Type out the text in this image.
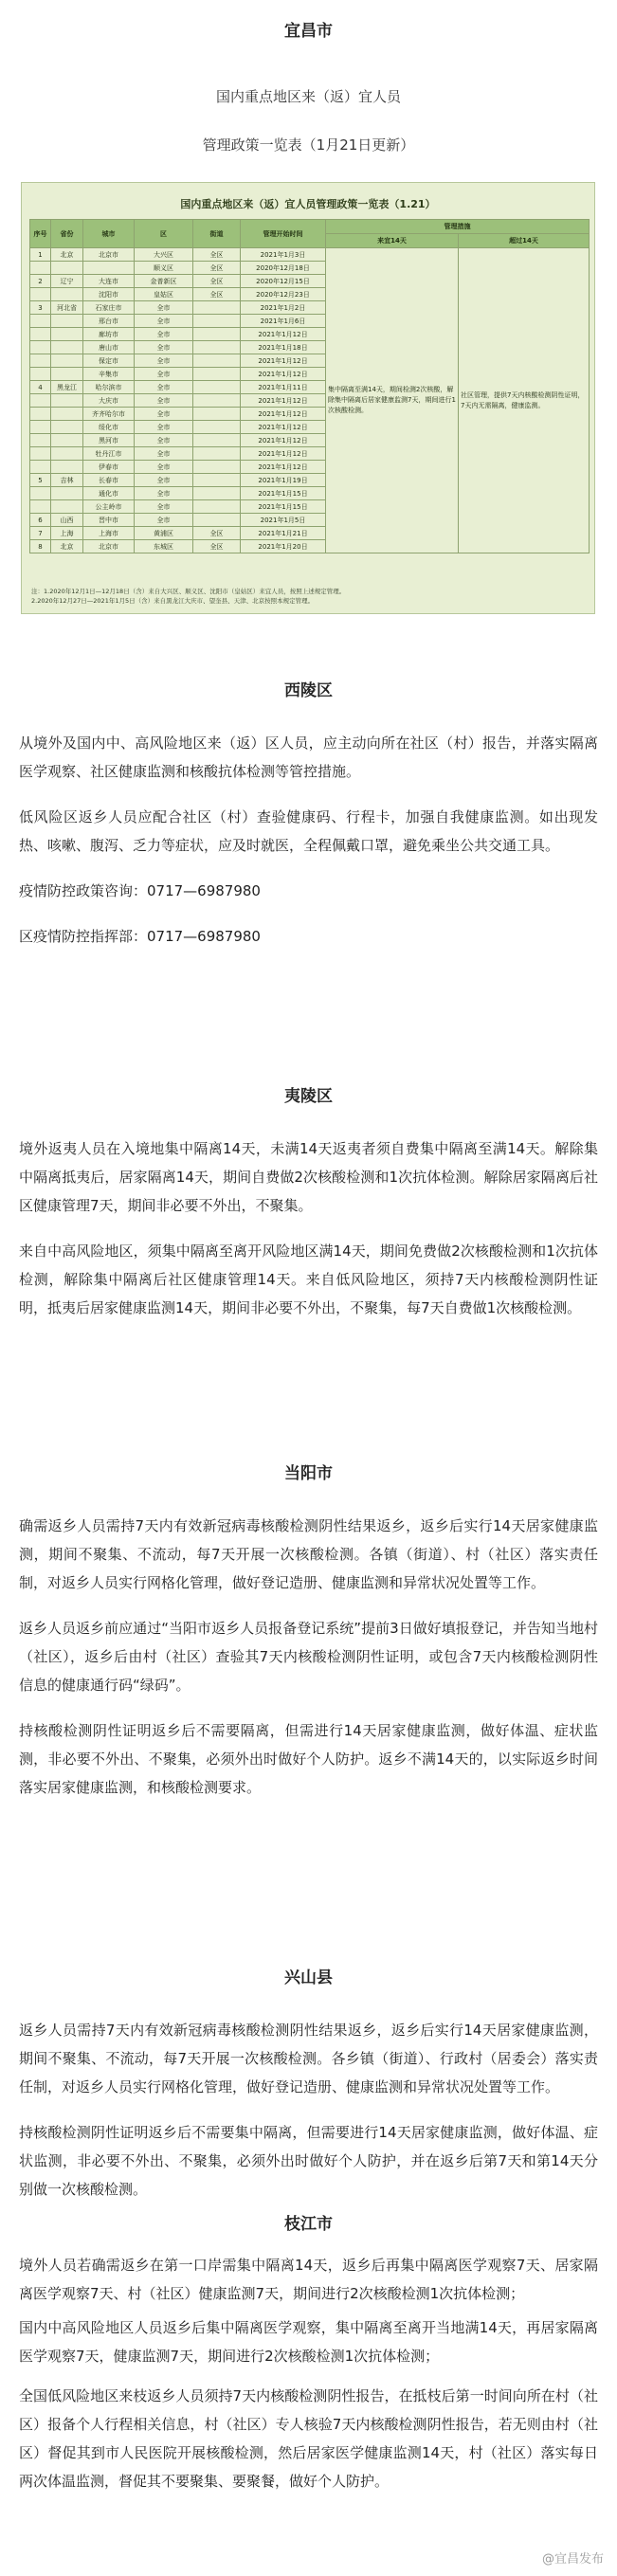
宜昌市

国内重点地区来（返）宜人员

管理政策一览表（1月21日更新）

国内重点地区来（返）宜人员管理政策一览表（1.21）
序号	省份	城市	区	街道	管理开始时间	管理措施	
						来宜14天	超过14天
1	北京	北京市	大兴区	全区	2021年1月3日	集中隔离至满14天，期间检测2次核酸，解除集中隔离后居家健康监测7天，期间进行1次核酸检测。	社区管理，提供7天内核酸检测阴性证明，7天内无需隔离，健康监测。
			顺义区	全区	2020年12月18日		
2	辽宁	大连市	金普新区	全区	2020年12月15日		
		沈阳市	皇姑区	全区	2020年12月23日		
3	河北省	石家庄市	全市		2021年1月2日		
		邢台市	全市		2021年1月6日		
		廊坊市	全市		2021年1月12日		
		唐山市	全市		2021年1月18日		
		保定市	全市		2021年1月12日		
		辛集市	全市		2021年1月12日		
4	黑龙江	哈尔滨市	全市		2021年1月11日		
		大庆市	全市		2021年1月12日		
		齐齐哈尔市	全市		2021年1月12日		
		绥化市	全市		2021年1月12日		
		黑河市	全市		2021年1月12日		
		牡丹江市	全市		2021年1月12日		
		伊春市	全市		2021年1月12日		
5	吉林	长春市	全市		2021年1月19日		
		通化市	全市		2021年1月15日		
		公主岭市	全市		2021年1月15日		
6	山西	晋中市	全市		2021年1月5日		
7	上海	上海市	黄浦区	全区	2021年1月21日		
8	北京	北京市	东城区	全区	2021年1月20日		
注：1.2020年12月1日—12月18日（含）来自大兴区、顺义区、沈阳市（皇姑区）来宜人员，按照上述规定管理。
2.2020年12月27日—2021年1月5日（含）来自黑龙江大庆市、望奎县、天津、北京按照本规定管理。

西陵区

从境外及国内中、高风险地区来（返）区人员，应主动向所在社区（村）报告，并落实隔离医学观察、社区健康监测和核酸抗体检测等管控措施。

低风险区返乡人员应配合社区（村）查验健康码、行程卡，加强自我健康监测。如出现发热、咳嗽、腹泻、乏力等症状，应及时就医，全程佩戴口罩，避免乘坐公共交通工具。

疫情防控政策咨询：0717—6987980

区疫情防控指挥部：0717—6987980

夷陵区

境外返夷人员在入境地集中隔离14天，未满14天返夷者须自费集中隔离至满14天。解除集中隔离抵夷后，居家隔离14天，期间自费做2次核酸检测和1次抗体检测。解除居家隔离后社区健康管理7天，期间非必要不外出，不聚集。

来自中高风险地区，须集中隔离至离开风险地区满14天，期间免费做2次核酸检测和1次抗体检测，解除集中隔离后社区健康管理14天。来自低风险地区，须持7天内核酸检测阴性证明，抵夷后居家健康监测14天，期间非必要不外出，不聚集，每7天自费做1次核酸检测。

当阳市

确需返乡人员需持7天内有效新冠病毒核酸检测阴性结果返乡，返乡后实行14天居家健康监测，期间不聚集、不流动，每7天开展一次核酸检测。各镇（街道）、村（社区）落实责任制，对返乡人员实行网格化管理，做好登记造册、健康监测和异常状况处置等工作。

返乡人员返乡前应通过“当阳市返乡人员报备登记系统”提前3日做好填报登记，并告知当地村（社区），返乡后由村（社区）查验其7天内核酸检测阴性证明，或包含7天内核酸检测阴性信息的健康通行码“绿码”。

持核酸检测阴性证明返乡后不需要隔离，但需进行14天居家健康监测，做好体温、症状监测，非必要不外出、不聚集，必须外出时做好个人防护。返乡不满14天的，以实际返乡时间落实居家健康监测，和核酸检测要求。

兴山县

返乡人员需持7天内有效新冠病毒核酸检测阴性结果返乡，返乡后实行14天居家健康监测，期间不聚集、不流动，每7天开展一次核酸检测。各乡镇（街道）、行政村（居委会）落实责任制，对返乡人员实行网格化管理，做好登记造册、健康监测和异常状况处置等工作。

持核酸检测阴性证明返乡后不需要集中隔离，但需要进行14天居家健康监测，做好体温、症状监测，非必要不外出、不聚集，必须外出时做好个人防护，并在返乡后第7天和第14天分别做一次核酸检测。

枝江市

境外人员若确需返乡在第一口岸需集中隔离14天，返乡后再集中隔离医学观察7天、居家隔离医学观察7天、村（社区）健康监测7天，期间进行2次核酸检测1次抗体检测；

国内中高风险地区人员返乡后集中隔离医学观察，集中隔离至离开当地满14天，再居家隔离医学观察7天，健康监测7天，期间进行2次核酸检测1次抗体检测；

全国低风险地区来枝返乡人员须持7天内核酸检测阴性报告，在抵枝后第一时间向所在村（社区）报备个人行程相关信息，村（社区）专人核验7天内核酸检测阴性报告，若无则由村（社区）督促其到市人民医院开展核酸检测，然后居家医学健康监测14天，村（社区）落实每日两次体温监测，督促其不要聚集、要聚餐，做好个人防护。

@宜昌发布
